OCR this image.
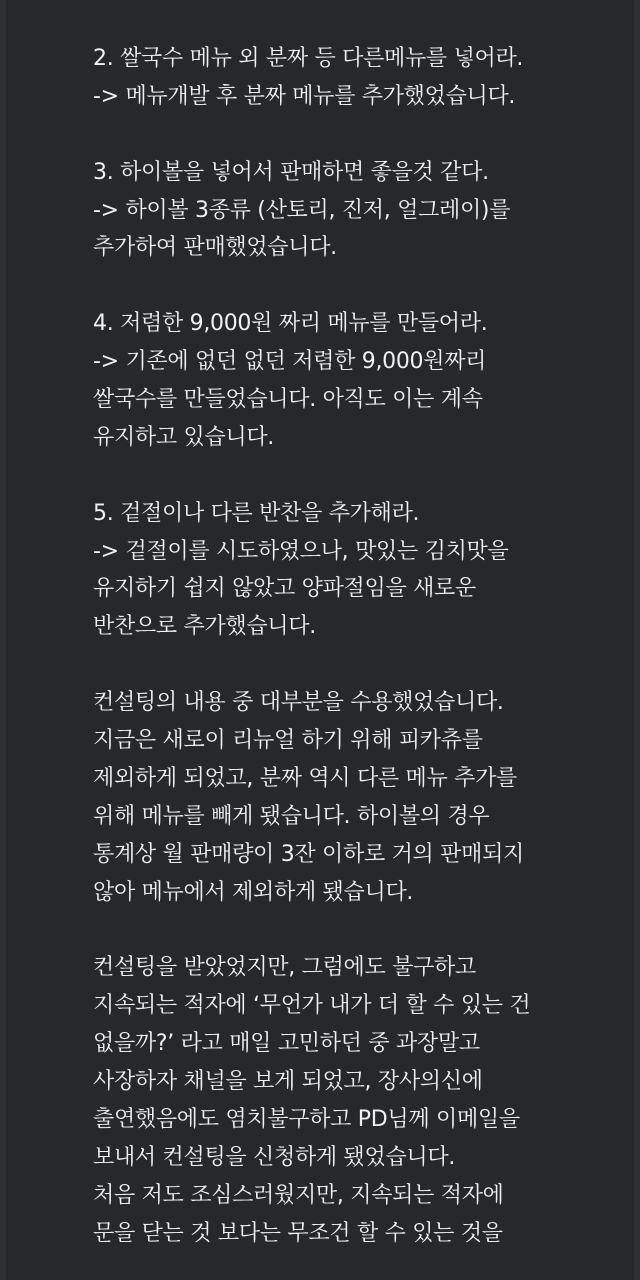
2. 쌀국수 메뉴 외 분짜 등 다른메뉴를 넣어라.
-> 메뉴개발 후 분짜 메뉴를 추가했었습니다.
3. 하이볼을 넣어서 판매하면 좋을것 같다.
-> 하이볼 3종류 (산토리, 진저, 얼그레이)를
추가하여 판매했었습니다.
4. 저렴한 9,000원 짜리 메뉴를 만들어라.
-> 기존에 없던 없던 저렴한 9,000원짜리
쌀국수를 만들었습니다. 아직도 이는 계속
유지하고 있습니다.
5. 겉절이나 다른 반찬을 추가해라.
-> 겉절이를 시도하였으나, 맛있는 김치맛을
유지하기 쉽지 않았고 양파절임을 새로운
반찬으로 추가했습니다.
컨설팅의 내용 중 대부분을 수용했었습니다.
지금은 새로이 리뉴얼 하기 위해 피카츄를
제외하게 되었고, 분짜 역시 다른 메뉴 추가를
위해 메뉴를 빼게 됐습니다. 하이볼의 경우
통계상 월 판매량이 3잔 이하로 거의 판매되지
않아 메뉴에서 제외하게 됐습니다.
컨설팅을 받았었지만, 그럼에도 불구하고
지속되는 적자에 ‘무언가 내가 더 할 수 있는 건
없을까?’ 라고 매일 고민하던 중 과장말고
사장하자 채널을 보게 되었고, 장사의신에
출연했음에도 염치불구하고 PD님께 이메일을
보내서 컨설팅을 신청하게 됐었습니다.
처음 저도 조심스러웠지만, 지속되는 적자에
문을 닫는 것 보다는 무조건 할 수 있는 것을
